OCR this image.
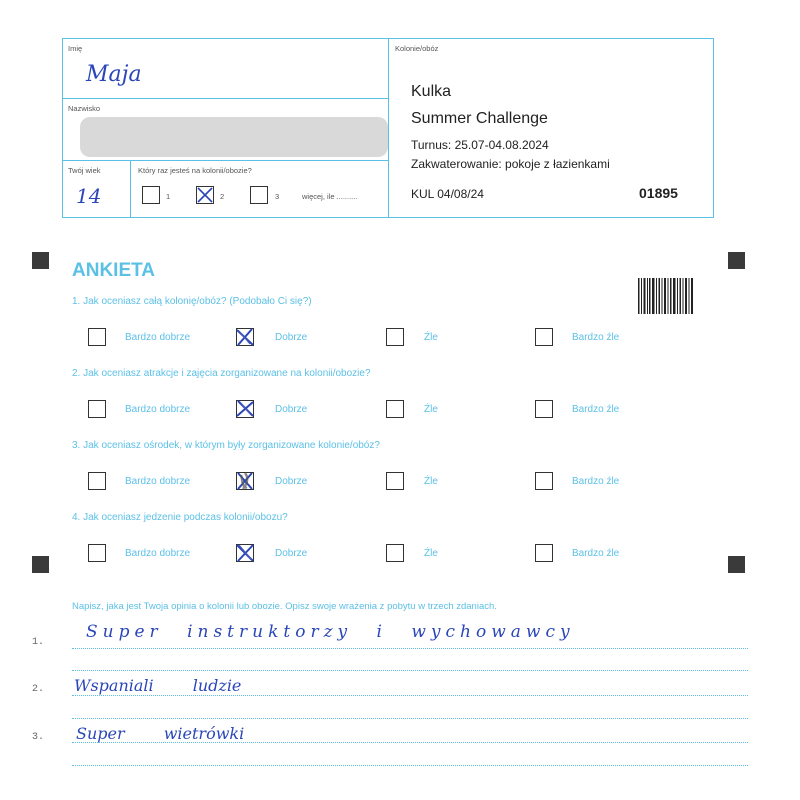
Imię
Maja
Nazwisko
Twój wiek
14
Który raz jesteś na kolonii/obozie?
1	2	3	więcej, ile ..........
Kolonie/obóz
Kulka
Summer Challenge
Turnus: 25.07-04.08.2024
Zakwaterowanie: pokoje z łazienkami
KUL 04/08/24	01895
ANKIETA
1. Jak oceniasz całą kolonię/obóz? (Podobało Ci się?)
Bardzo dobrze	Dobrze	Źle	Bardzo źle
2. Jak oceniasz atrakcje i zajęcia zorganizowane na kolonii/obozie?
Bardzo dobrze	Dobrze	Źle	Bardzo źle
3. Jak oceniasz ośrodek, w którym były zorganizowane kolonie/obóz?
Bardzo dobrze	Dobrze	Źle	Bardzo źle
4. Jak oceniasz jedzenie podczas kolonii/obozu?
Bardzo dobrze	Dobrze	Źle	Bardzo źle
Napisz, jaka jest Twoja opinia o kolonii lub obozie. Opisz swoje wrażenia z pobytu w trzech zdaniach.
1.
Super instruktorzy i wychowawcy
2. Wspaniali ludzie
3. Super wietrówki
